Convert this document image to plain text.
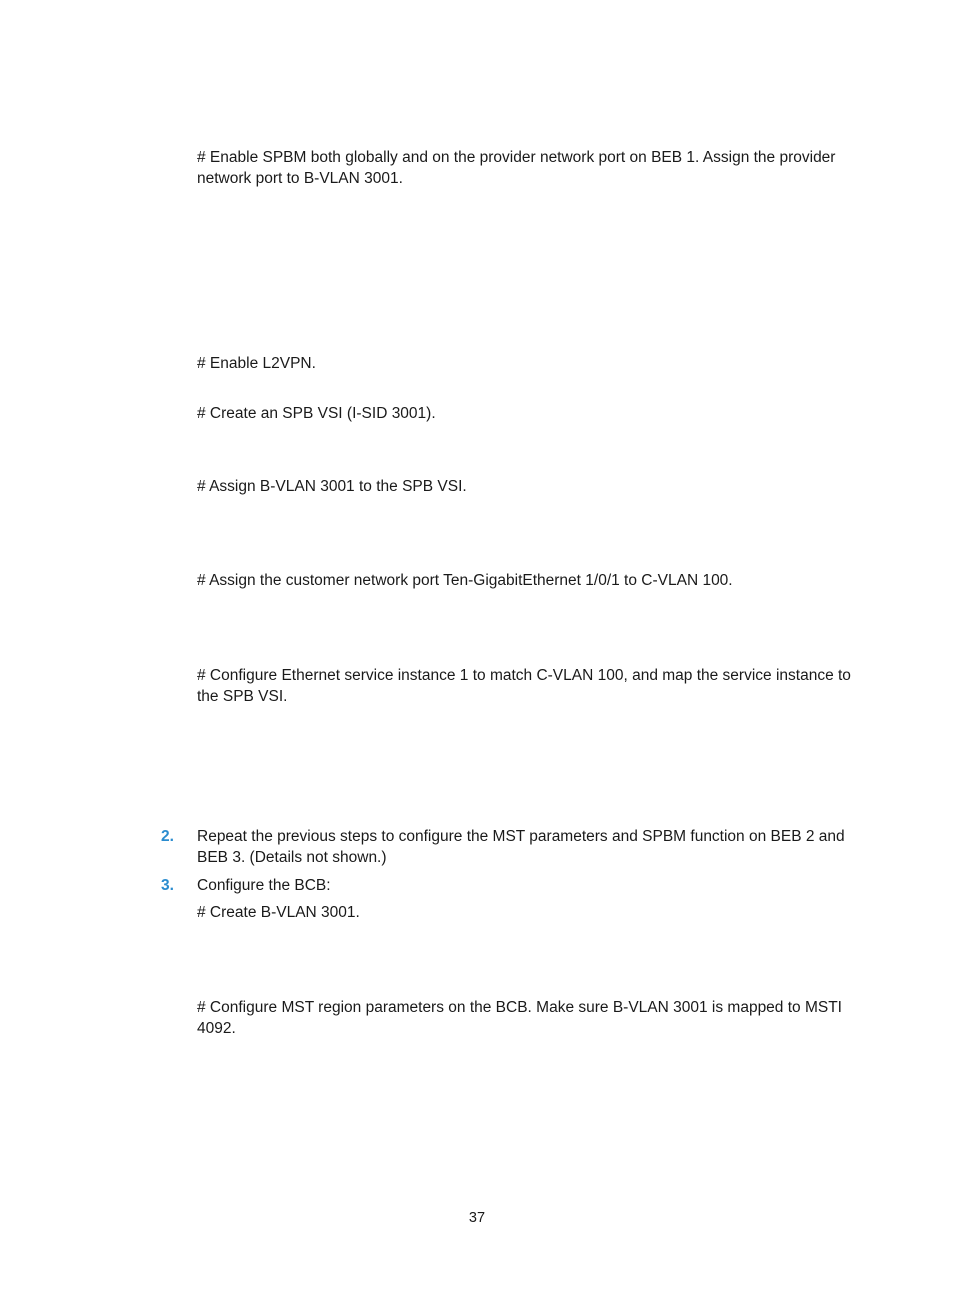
# Enable SPBM both globally and on the provider network port on BEB 1. Assign the provider network port to B-VLAN 3001.

# Enable L2VPN.

# Create an SPB VSI (I-SID 3001).

# Assign B-VLAN 3001 to the SPB VSI.

# Assign the customer network port Ten-GigabitEthernet 1/0/1 to C-VLAN 100.

# Configure Ethernet service instance 1 to match C-VLAN 100, and map the service instance to the SPB VSI.

2. Repeat the previous steps to configure the MST parameters and SPBM function on BEB 2 and BEB 3. (Details not shown.)

3. Configure the BCB:

# Create B-VLAN 3001.

# Configure MST region parameters on the BCB. Make sure B-VLAN 3001 is mapped to MSTI 4092.

37
